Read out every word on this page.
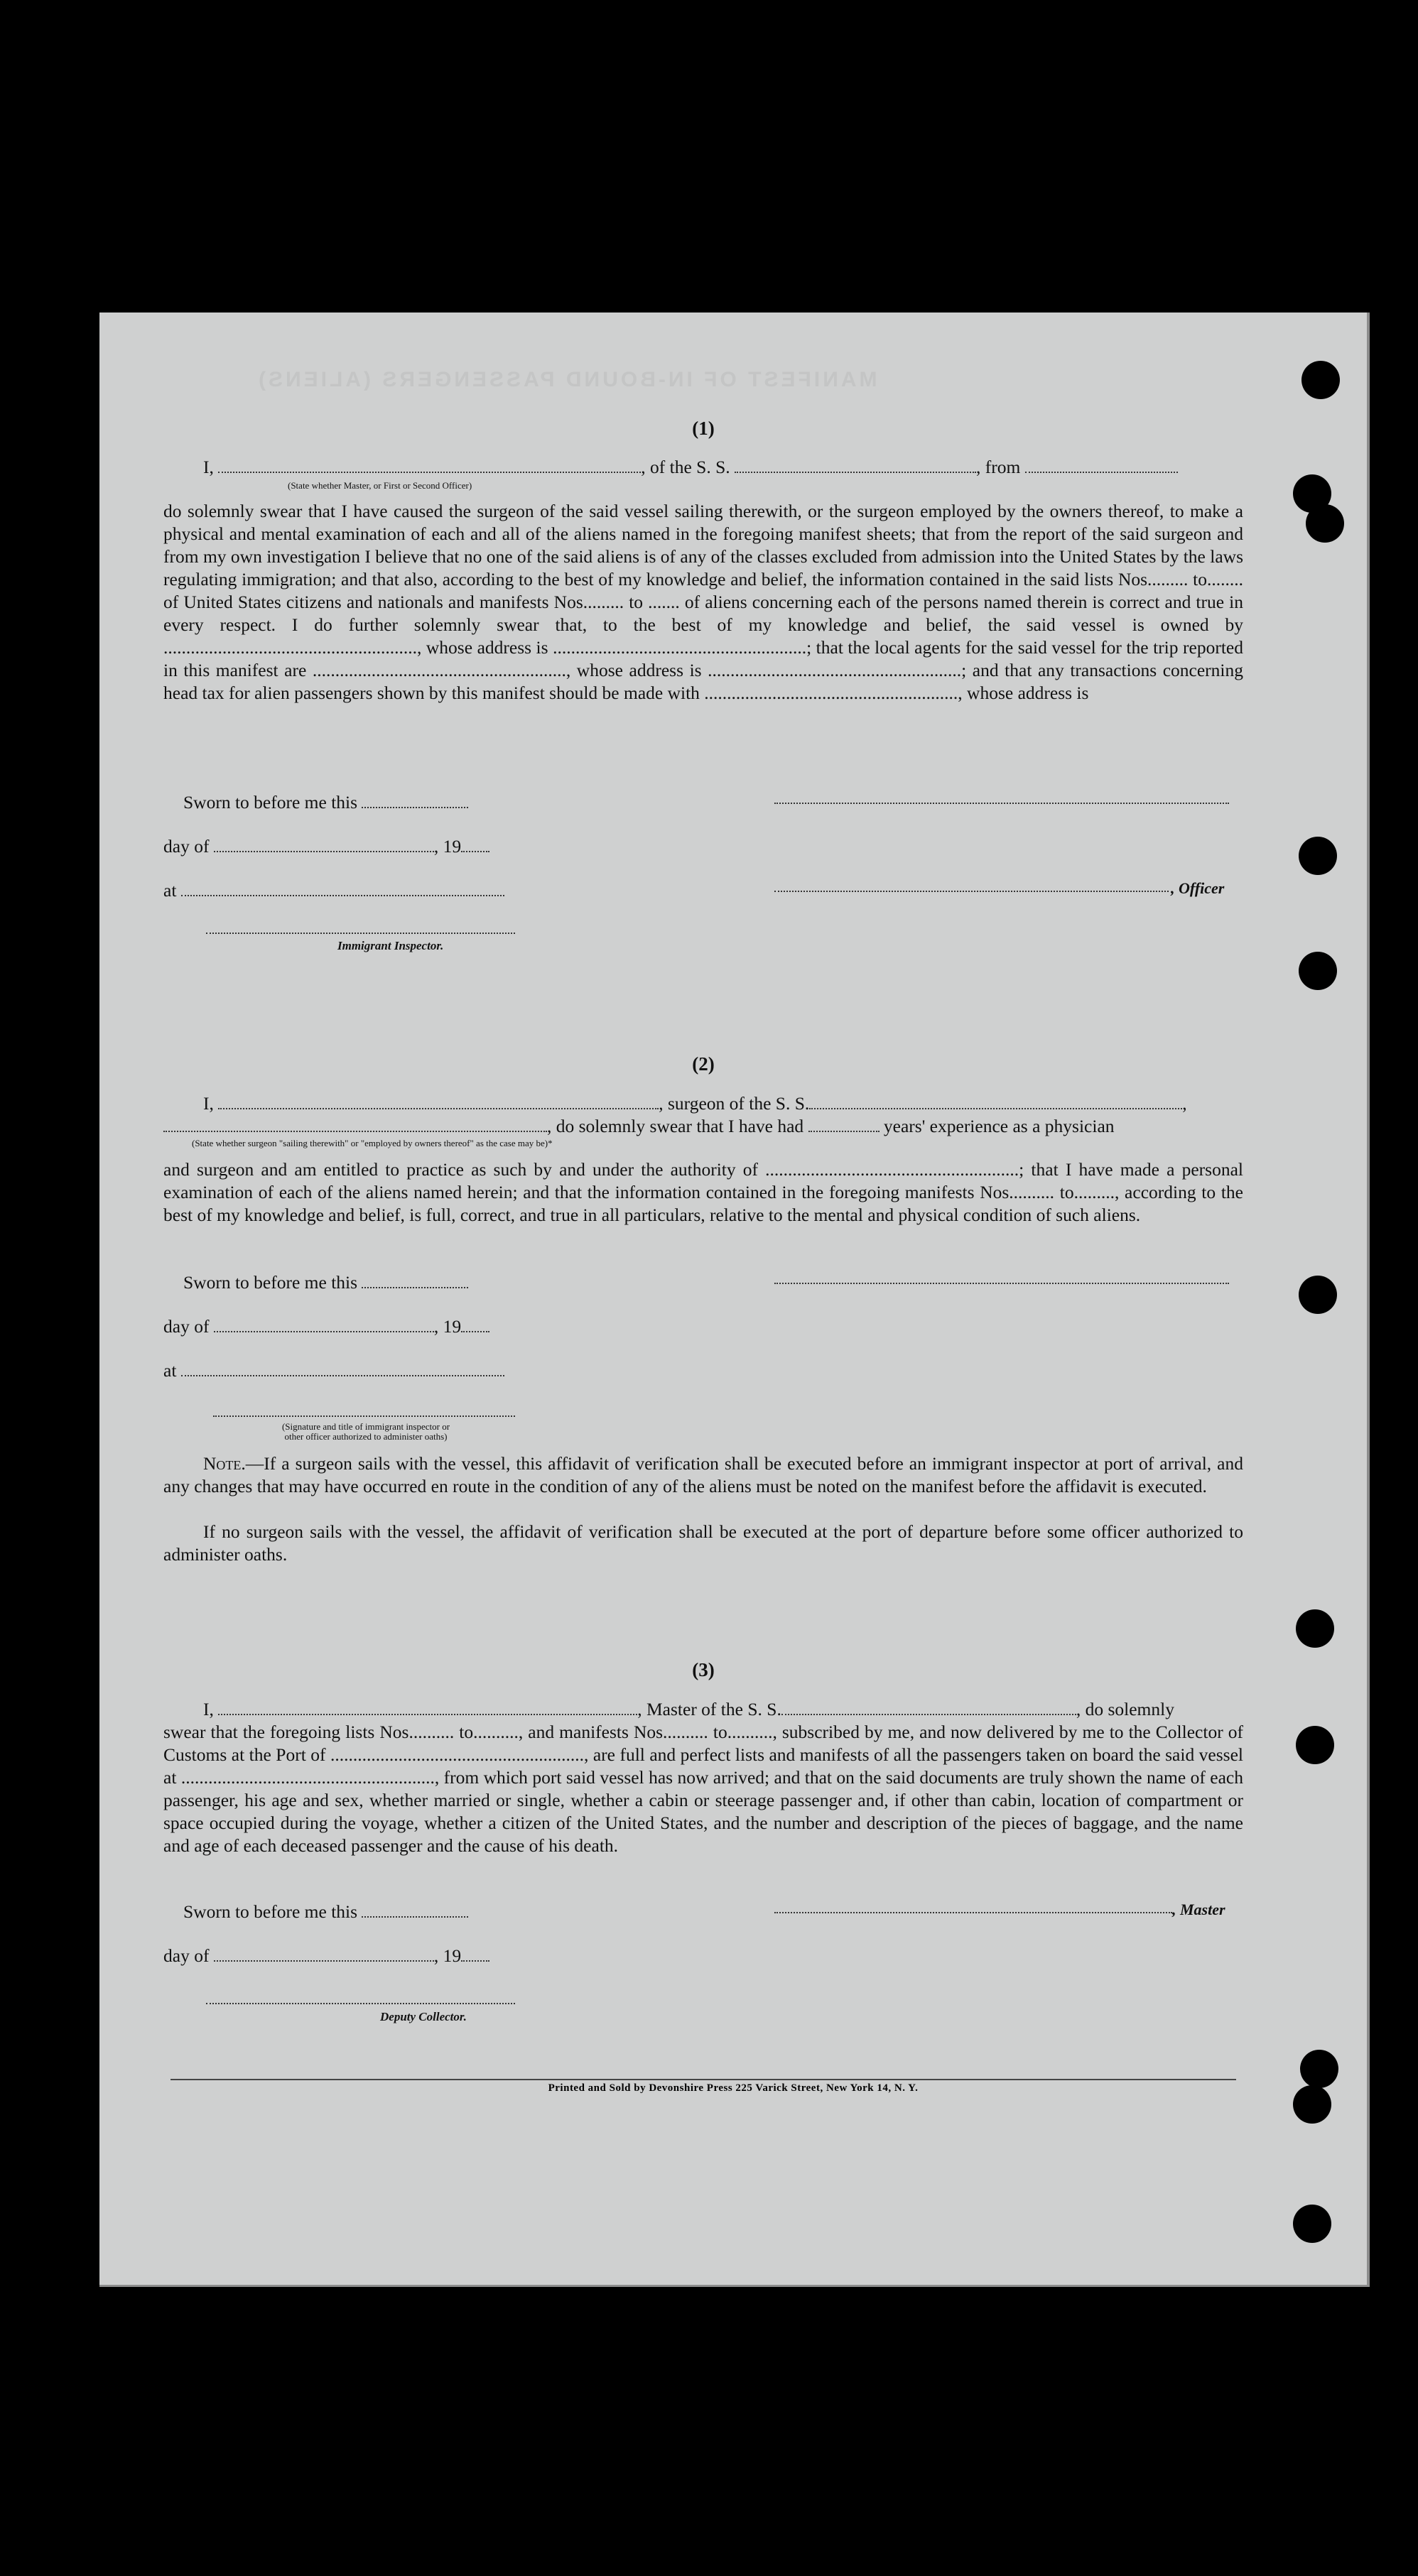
MANIFEST OF IN-BOUND PASSENGERS (ALIENS)
(1)
I,	, of the S. S.	, from
(State whether Master, or First or Second Officer)
do solemnly swear that I have caused the surgeon of the said vessel sailing therewith, or the surgeon employed by the owners thereof, to make a physical and mental examination of each and all of the aliens named in the foregoing manifest sheets; that from the report of the said surgeon and from my own investigation I believe that no one of the said aliens is of any of the classes excluded from admission into the United States by the laws regulating immigration; and that also, according to the best of my knowledge and belief, the information contained in the said lists Nos......... to........ of United States citizens and nationals and manifests Nos......... to ....... of aliens concerning each of the persons named therein is correct and true in every respect. I do further solemnly swear that, to the best of my knowledge and belief, the said vessel is owned by ........................................................, whose address is ........................................................; that the local agents for the said vessel for the trip reported in this manifest are ........................................................, whose address is ........................................................; and that any transactions concerning head tax for alien passengers shown by this manifest should be made with ........................................................, whose address is
Sworn to before me this
day of	, 19
at	, Officer
Immigrant Inspector.
(2)
I,	, surgeon of the S. S.	,
, do solemnly swear that I have had	years' experience as a physician
(State whether surgeon "sailing therewith" or "employed by owners thereof" as the case may be)*
and surgeon and am entitled to practice as such by and under the authority of ........................................................; that I have made a personal examination of each of the aliens named herein; and that the information contained in the foregoing manifests Nos.......... to........., according to the best of my knowledge and belief, is full, correct, and true in all particulars, relative to the mental and physical condition of such aliens.
Sworn to before me this
day of	, 19
at
(Signature and title of immigrant inspector or
other officer authorized to administer oaths)
Note.—If a surgeon sails with the vessel, this affidavit of verification shall be executed before an immigrant inspector at port of arrival, and any changes that may have occurred en route in the condition of any of the aliens must be noted on the manifest before the affidavit is executed.
If no surgeon sails with the vessel, the affidavit of verification shall be executed at the port of departure before some officer authorized to administer oaths.
(3)
I,	, Master of the S. S.	, do solemnly
swear that the foregoing lists Nos.......... to.........., and manifests Nos.......... to.........., subscribed by me, and now delivered by me to the Collector of Customs at the Port of ........................................................, are full and perfect lists and manifests of all the passengers taken on board the said vessel at ........................................................, from which port said vessel has now arrived; and that on the said documents are truly shown the name of each passenger, his age and sex, whether married or single, whether a cabin or steerage passenger and, if other than cabin, location of compartment or space occupied during the voyage, whether a citizen of the United States, and the number and description of the pieces of baggage, and the name and age of each deceased passenger and the cause of his death.
Sworn to before me this	, Master
day of	, 19
Deputy Collector.
Printed and Sold by Devonshire Press 225 Varick Street, New York 14, N. Y.
